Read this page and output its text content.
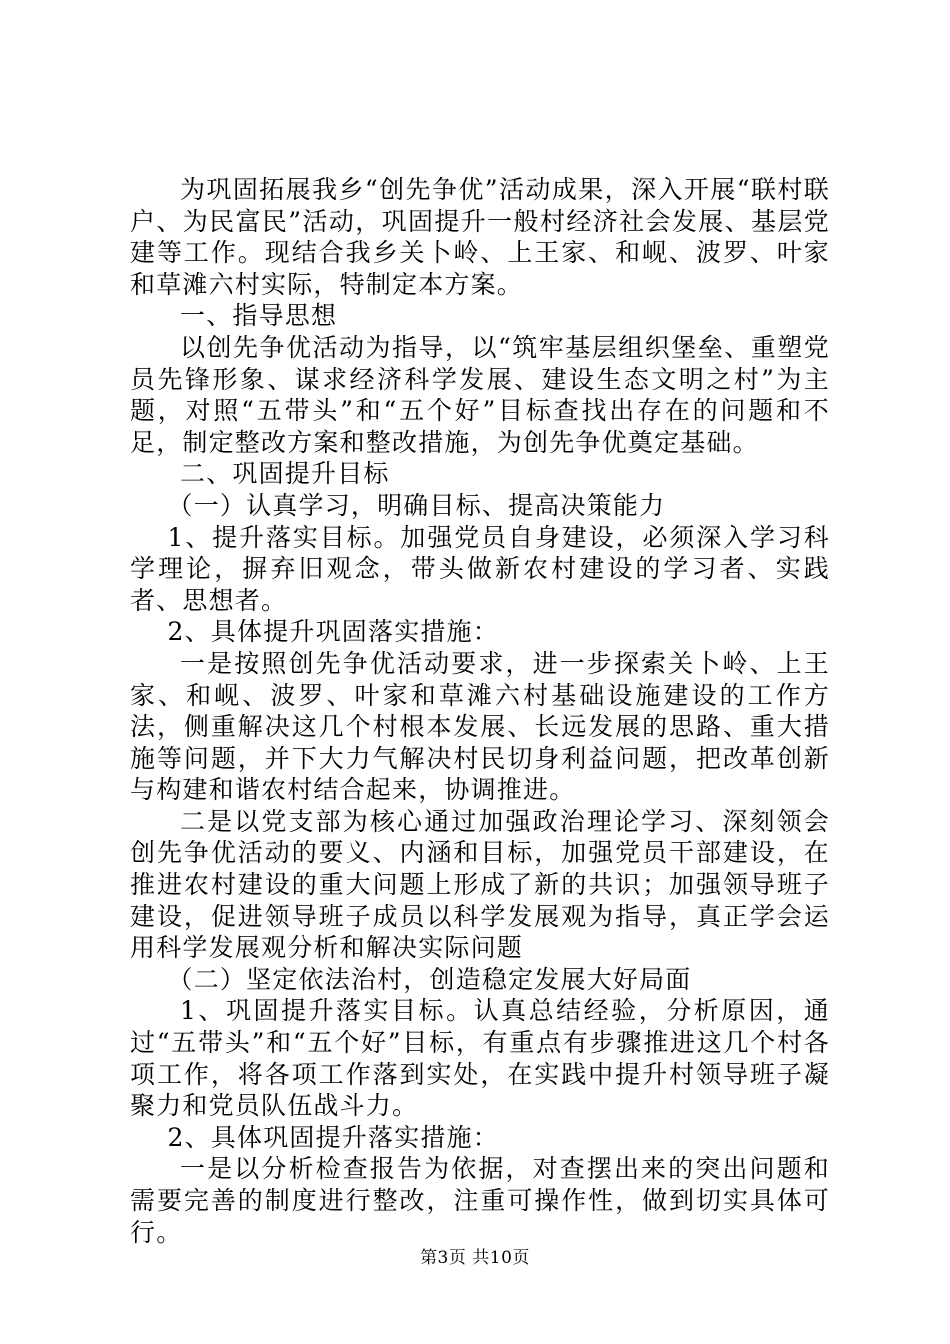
为巩固拓展我乡“创先争优”活动成果，深入开展“联村联户、为民富民”活动，巩固提升一般村经济社会发展、基层党建等工作。现结合我乡关卜岭、上王家、和岘、波罗、叶家和草滩六村实际，特制定本方案。

一、指导思想

以创先争优活动为指导，以“筑牢基层组织堡垒、重塑党员先锋形象、谋求经济科学发展、建设生态文明之村”为主题，对照“五带头”和“五个好”目标查找出存在的问题和不足，制定整改方案和整改措施，为创先争优奠定基础。

二、巩固提升目标

（一）认真学习，明确目标、提高决策能力

1、提升落实目标。加强党员自身建设，必须深入学习科学理论，摒弃旧观念，带头做新农村建设的学习者、实践者、思想者。

2、具体提升巩固落实措施：

一是按照创先争优活动要求，进一步探索关卜岭、上王家、和岘、波罗、叶家和草滩六村基础设施建设的工作方法，侧重解决这几个村根本发展、长远发展的思路、重大措施等问题，并下大力气解决村民切身利益问题，把改革创新与构建和谐农村结合起来，协调推进。

二是以党支部为核心通过加强政治理论学习、深刻领会创先争优活动的要义、内涵和目标，加强党员干部建设，在推进农村建设的重大问题上形成了新的共识；加强领导班子建设，促进领导班子成员以科学发展观为指导，真正学会运用科学发展观分析和解决实际问题

（二）坚定依法治村，创造稳定发展大好局面

1、巩固提升落实目标。认真总结经验，分析原因，通过“五带头”和“五个好”目标，有重点有步骤推进这几个村各项工作，将各项工作落到实处，在实践中提升村领导班子凝聚力和党员队伍战斗力。

2、具体巩固提升落实措施：

一是以分析检查报告为依据，对查摆出来的突出问题和需要完善的制度进行整改，注重可操作性，做到切实具体可行。

第3页 共10页
